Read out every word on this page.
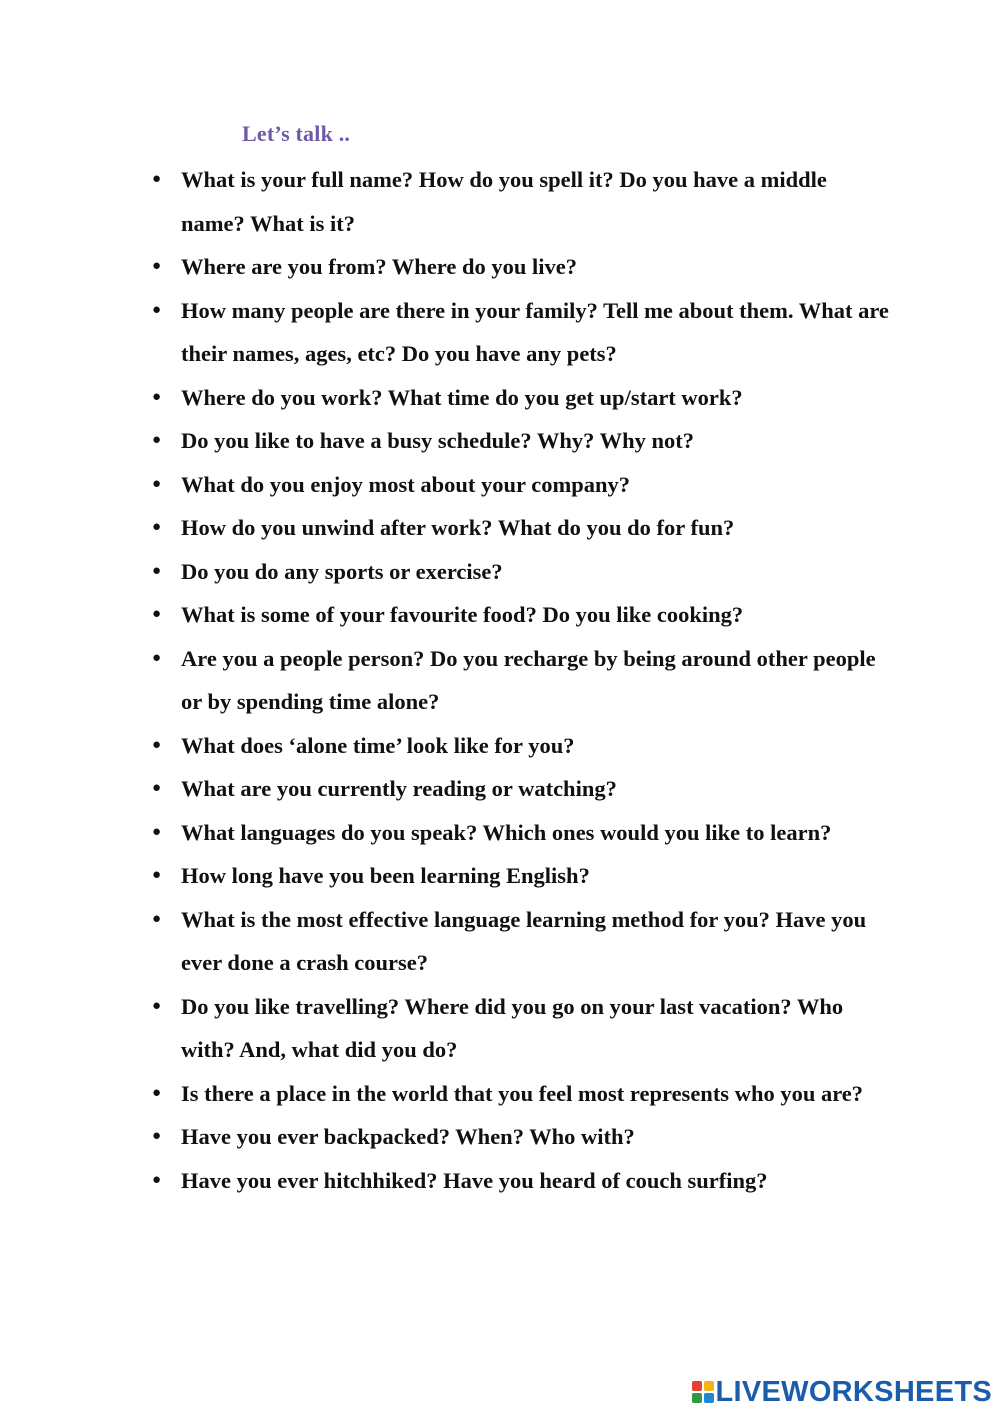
Let’s talk ..
● What is your full name? How do you spell it? Do you have a middle name? What is it?
● Where are you from? Where do you live?
● How many people are there in your family? Tell me about them. What are their names, ages, etc? Do you have any pets?
● Where do you work? What time do you get up/start work?
● Do you like to have a busy schedule? Why? Why not?
● What do you enjoy most about your company?
● How do you unwind after work? What do you do for fun?
● Do you do any sports or exercise?
● What is some of your favourite food? Do you like cooking?
● Are you a people person? Do you recharge by being around other people or by spending time alone?
● What does ‘alone time’ look like for you?
● What are you currently reading or watching?
● What languages do you speak? Which ones would you like to learn?
● How long have you been learning English?
● What is the most effective language learning method for you? Have you ever done a crash course?
● Do you like travelling? Where did you go on your last vacation? Who with? And, what did you do?
● Is there a place in the world that you feel most represents who you are?
● Have you ever backpacked? When? Who with?
● Have you ever hitchhiked? Have you heard of couch surfing?
LIVEWORKSHEETS
